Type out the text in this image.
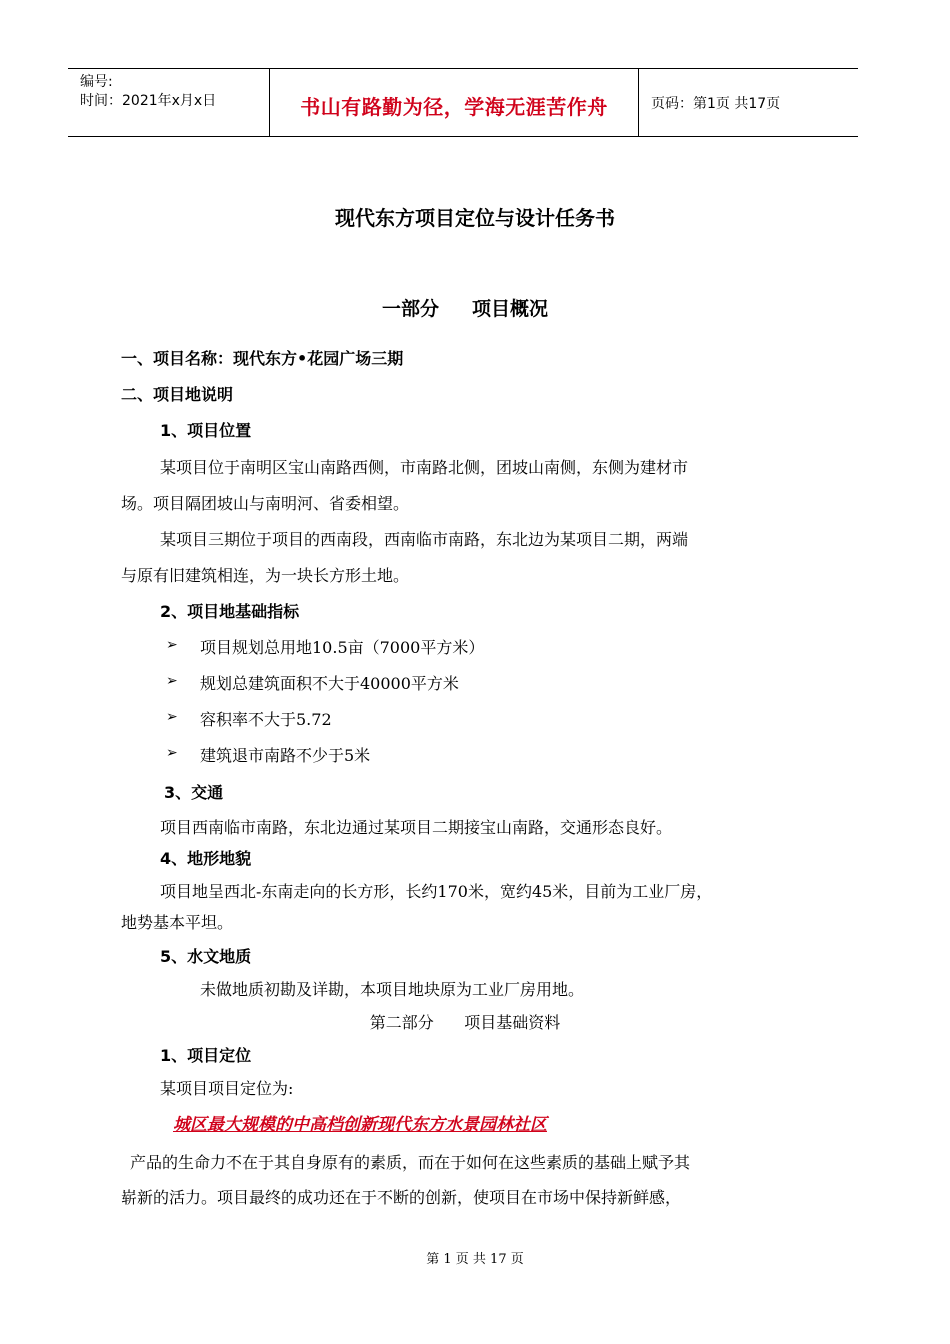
编号:
时间：2021年x月x日	书山有路勤为径，学海无涯苦作舟	页码：第1页 共17页
现代东方项目定位与设计任务书
一部分     项目概况
一、项目名称：现代东方•花园广场三期
二、项目地说明
1、项目位置
某项目位于南明区宝山南路西侧，市南路北侧，团坡山南侧，东侧为建材市
场。项目隔团坡山与南明河、省委相望。
某项目三期位于项目的西南段，西南临市南路，东北边为某项目二期，两端
与原有旧建筑相连，为一块长方形土地。
2、项目地基础指标
➢ 项目规划总用地10.5亩（7000平方米）
➢ 规划总建筑面积不大于40000平方米
➢ 容积率不大于5.72
➢ 建筑退市南路不少于5米
3、交通
项目西南临市南路，东北边通过某项目二期接宝山南路，交通形态良好。
4、地形地貌
项目地呈西北-东南走向的长方形，长约170米，宽约45米，目前为工业厂房，
地势基本平坦。
5、水文地质
未做地质初勘及详勘，本项目地块原为工业厂房用地。
第二部分      项目基础资料
1、项目定位
某项目项目定位为:
城区最大规模的中高档创新现代东方水景园林社区
产品的生命力不在于其自身原有的素质，而在于如何在这些素质的基础上赋予其
崭新的活力。项目最终的成功还在于不断的创新，使项目在市场中保持新鲜感，
第 1 页 共 17 页
